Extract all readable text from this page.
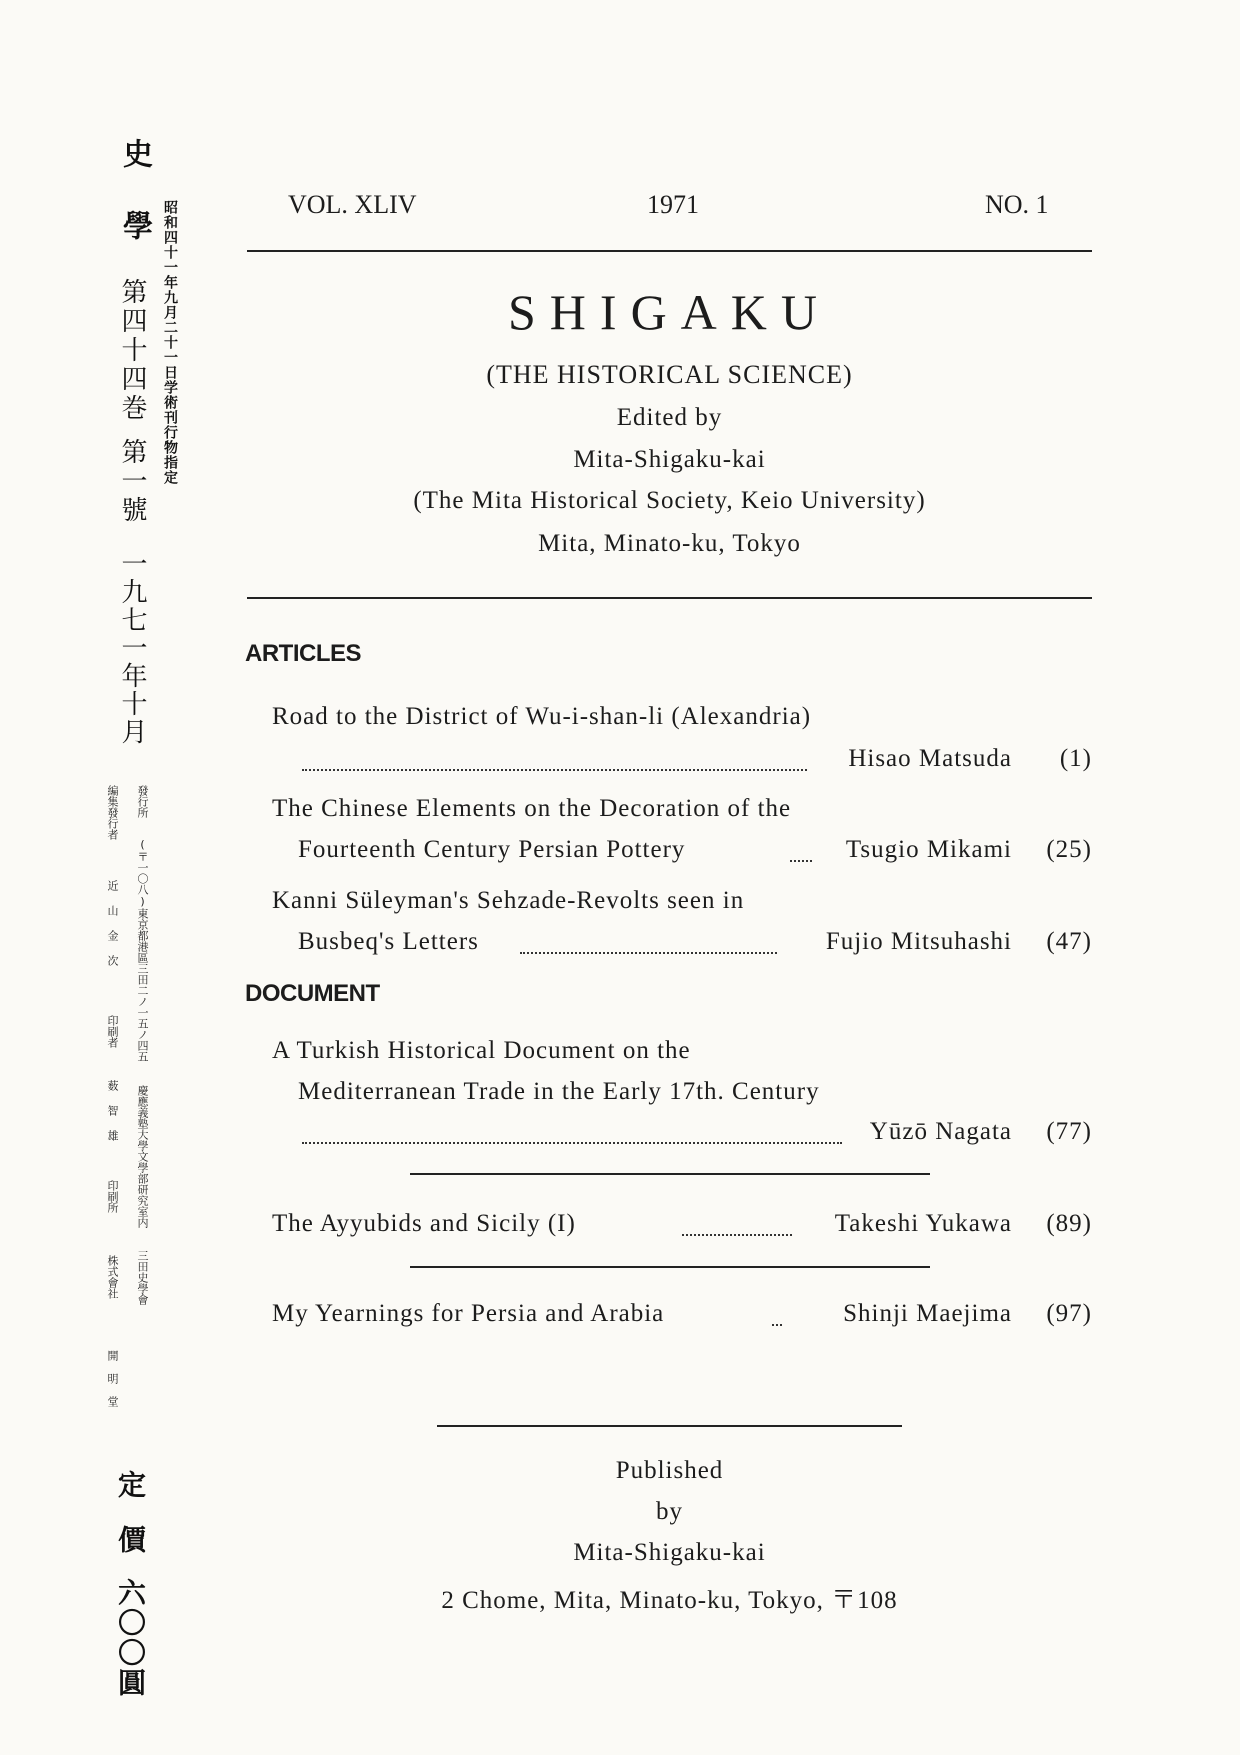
史
學
第四十四巻
第一號
一九七一年十月
昭和四十一年九月二十一日学術刊行物指定
發行所
(〒一〇八)東京都港區三田二ノ一五ノ四五
慶應義塾大學文學部研究室内
三田史學會
編集發行者
近山金次
印刷者
薮智雄
印刷所
株式會社
開明堂
定
價
六〇〇圓
VOL. XLIV	1971	NO. 1
SHIGAKU
(THE HISTORICAL SCIENCE)
Edited by
Mita-Shigaku-kai
(The Mita Historical Society, Keio University)
Mita, Minato-ku, Tokyo
ARTICLES
Road to the District of Wu-i-shan-li (Alexandria)
Hisao Matsuda (1)
The Chinese Elements on the Decoration of the
Fourteenth Century Persian Pottery	Tsugio Mikami (25)
Kanni Süleyman's Sehzade-Revolts seen in
Busbeq's Letters	Fujio Mitsuhashi (47)
DOCUMENT
A Turkish Historical Document on the
Mediterranean Trade in the Early 17th. Century
Yūzō Nagata (77)
The Ayyubids and Sicily (I)	Takeshi Yukawa (89)
My Yearnings for Persia and Arabia	Shinji Maejima (97)
Published
by
Mita-Shigaku-kai
2 Chome, Mita, Minato-ku, Tokyo, 〒108
